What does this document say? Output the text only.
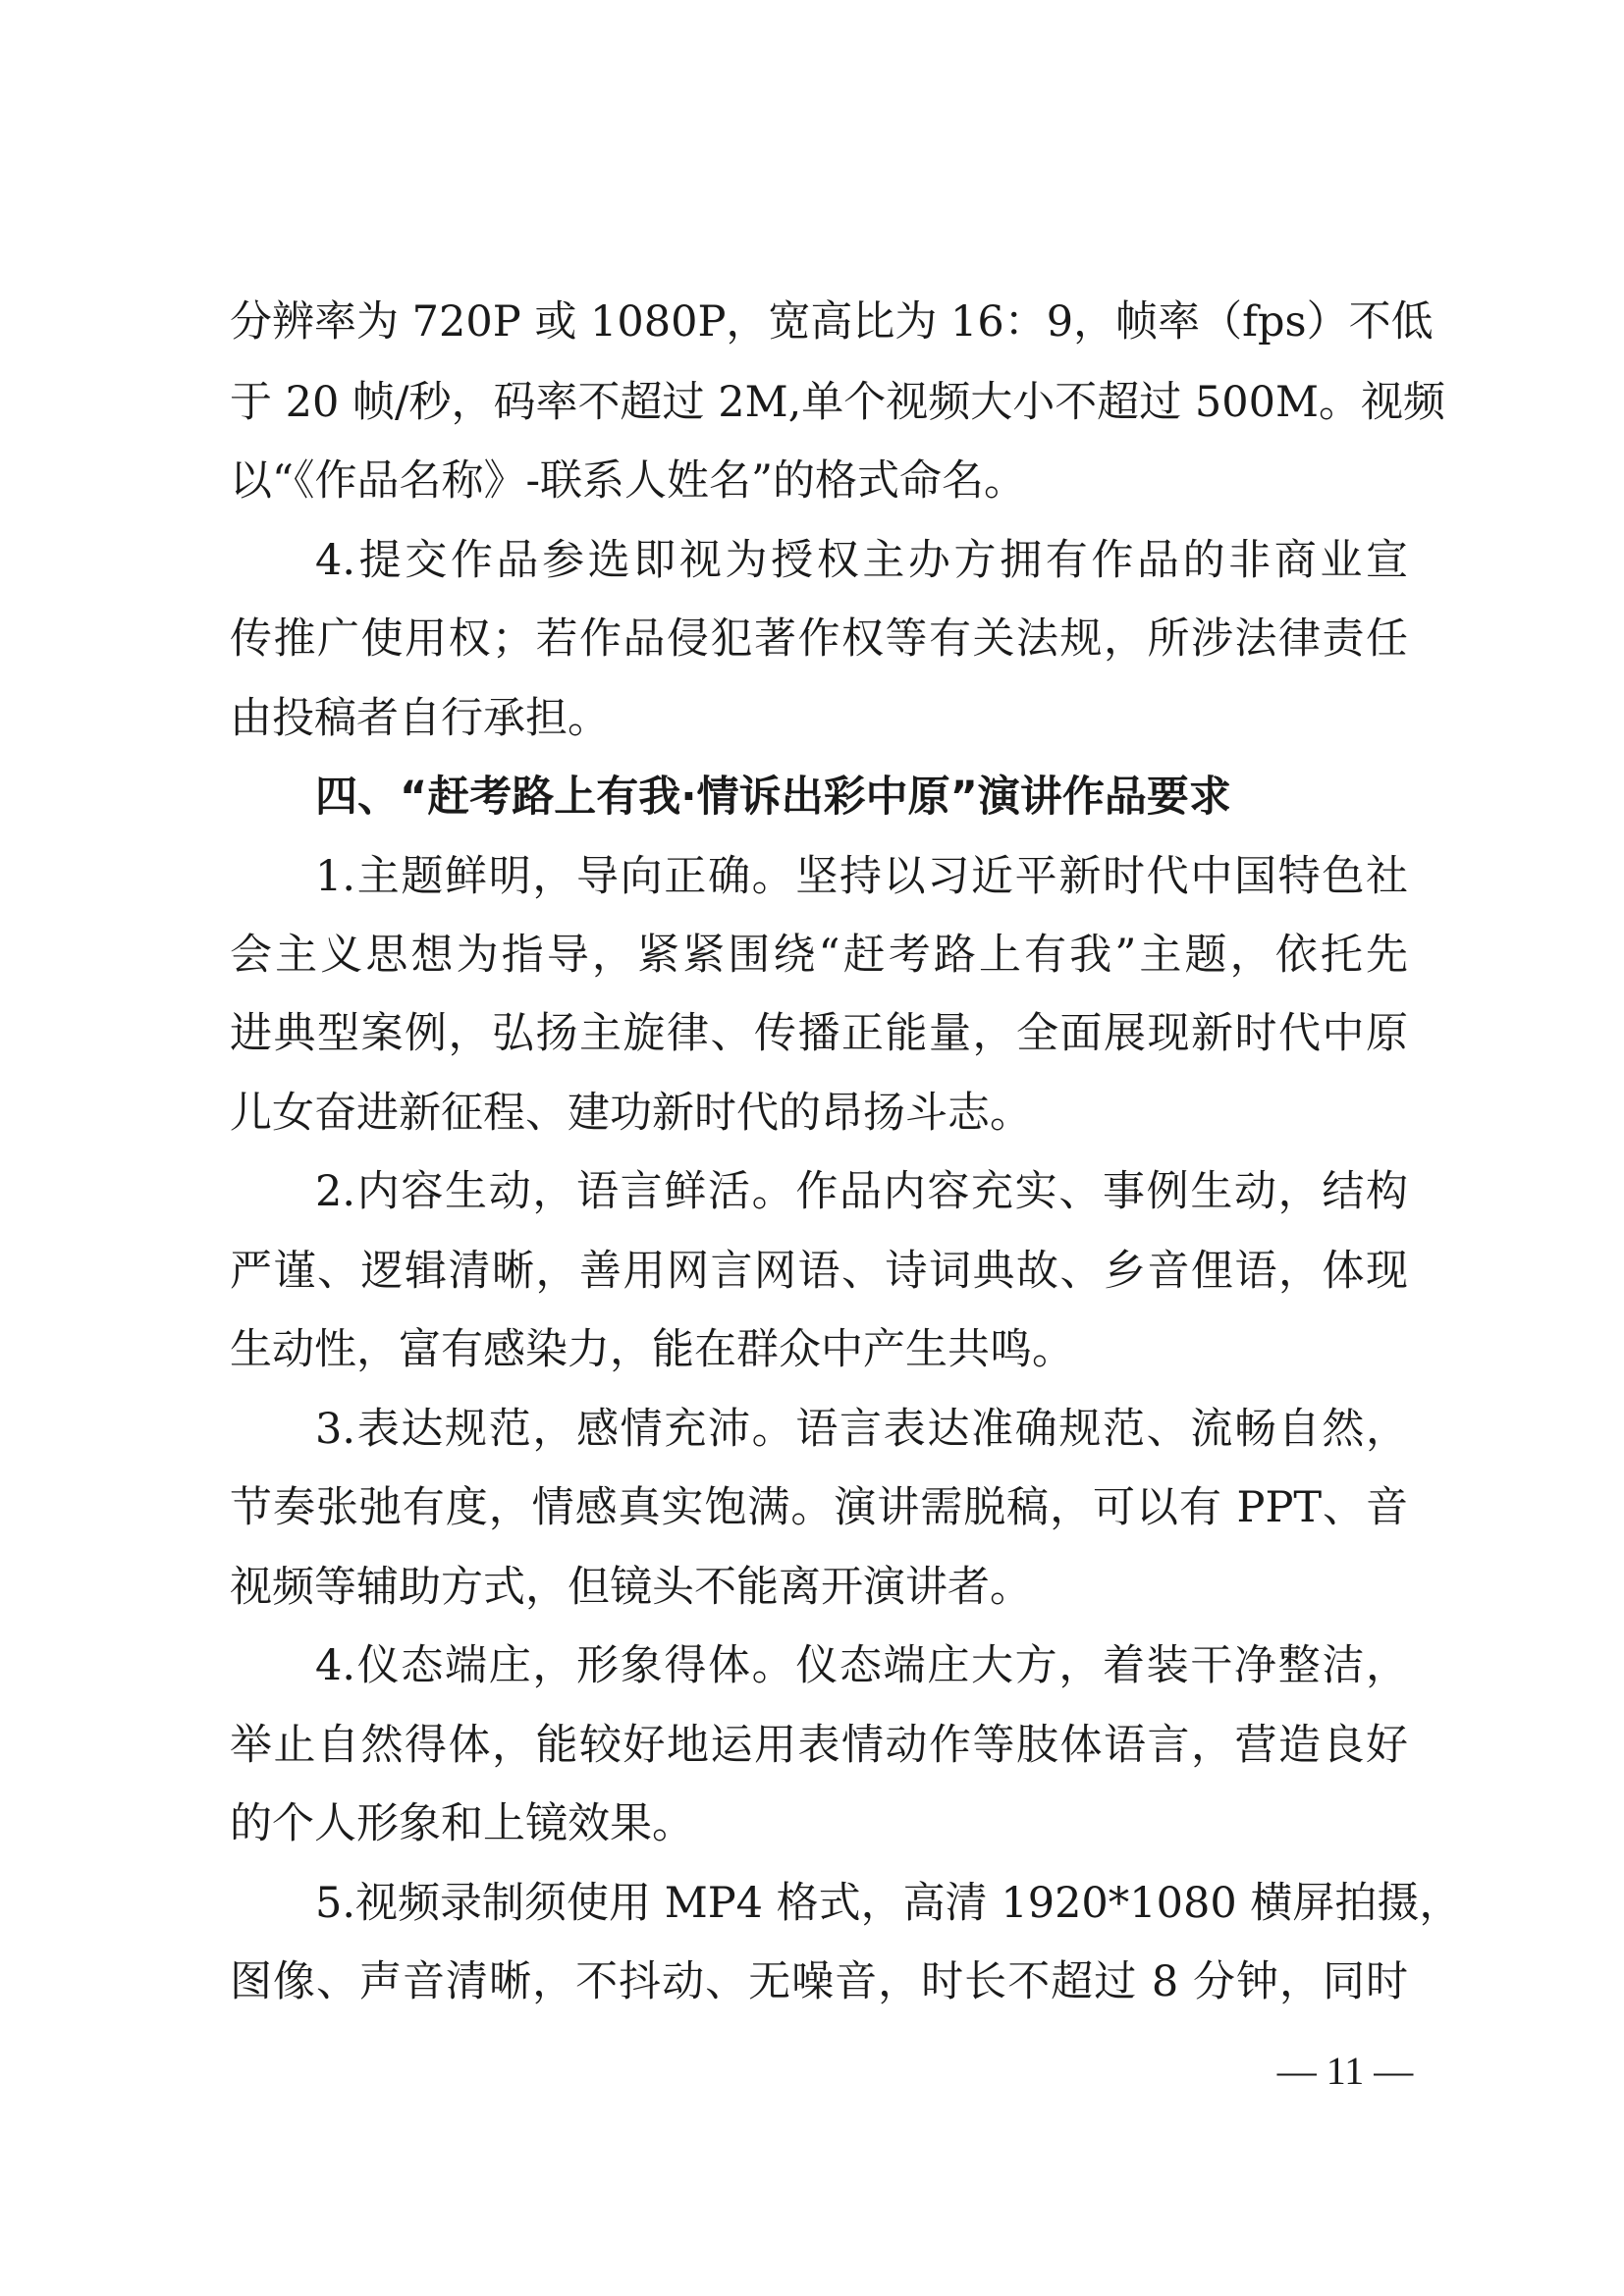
分辨率为 720P 或 1080P，宽高比为 16：9，帧率（fps）不低
于 20 帧/秒，码率不超过 2M,单个视频大小不超过 500M。视频
以“《作品名称》-联系人姓名”的格式命名。
4.提交作品参选即视为授权主办方拥有作品的非商业宣
传推广使用权；若作品侵犯著作权等有关法规，所涉法律责任
由投稿者自行承担。
四、“赶考路上有我·情诉出彩中原”演讲作品要求
1.主题鲜明，导向正确。坚持以习近平新时代中国特色社
会主义思想为指导，紧紧围绕“赶考路上有我”主题，依托先
进典型案例，弘扬主旋律、传播正能量，全面展现新时代中原
儿女奋进新征程、建功新时代的昂扬斗志。
2.内容生动，语言鲜活。作品内容充实、事例生动，结构
严谨、逻辑清晰，善用网言网语、诗词典故、乡音俚语，体现
生动性，富有感染力，能在群众中产生共鸣。
3.表达规范，感情充沛。语言表达准确规范、流畅自然，
节奏张弛有度，情感真实饱满。演讲需脱稿，可以有 PPT、音
视频等辅助方式，但镜头不能离开演讲者。
4.仪态端庄，形象得体。仪态端庄大方，着装干净整洁，
举止自然得体，能较好地运用表情动作等肢体语言，营造良好
的个人形象和上镜效果。
5.视频录制须使用 MP4 格式，高清 1920*1080 横屏拍摄，
图像、声音清晰，不抖动、无噪音，时长不超过 8 分钟，同时
— 11 —
